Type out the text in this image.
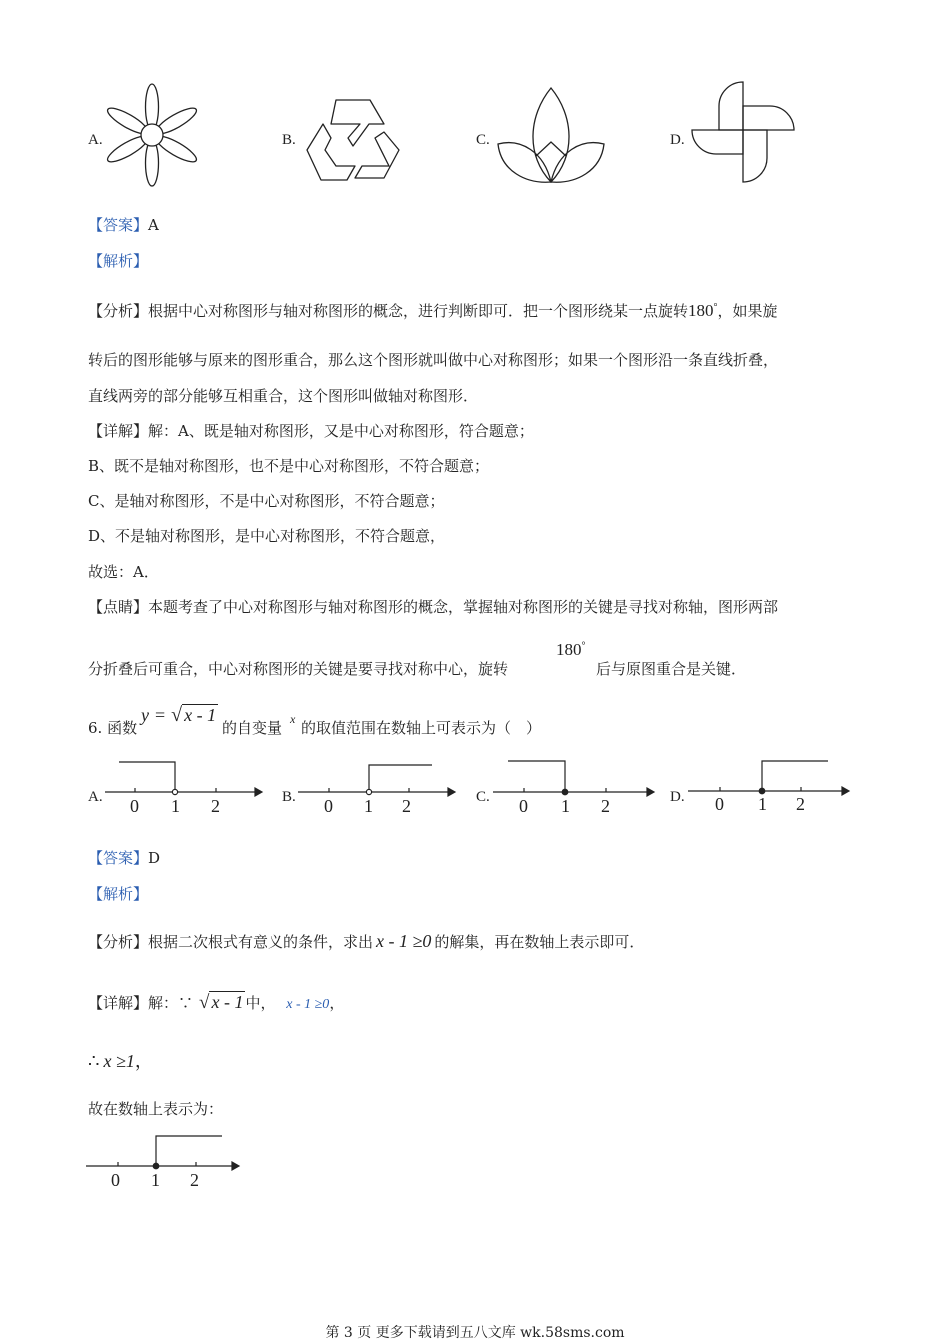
A.	B.	C.	D.
【答案】A
【解析】
【分析】根据中心对称图形与轴对称图形的概念，进行判断即可．把一个图形绕某一点旋转180°，如果旋
转后的图形能够与原来的图形重合，那么这个图形就叫做中心对称图形；如果一个图形沿一条直线折叠，
直线两旁的部分能够互相重合，这个图形叫做轴对称图形．
【详解】解：A、既是轴对称图形，又是中心对称图形，符合题意；
B、既不是轴对称图形，也不是中心对称图形，不符合题意；
C、是轴对称图形，不是中心对称图形，不符合题意；
D、不是轴对称图形，是中心对称图形，不符合题意，
故选：A．
【点睛】本题考查了中心对称图形与轴对称图形的概念，掌握轴对称图形的关键是寻找对称轴，图形两部
分折叠后可重合，中心对称图形的关键是要寻找对称中心，旋转
180°
后与原图重合是关键．
6. 函数
y = √ x - 1
的自变量 x 的取值范围在数轴上可表示为（　）
A. 0 1 2	B. 0 1 2	C. 0 1 2	D. 0 1 2
【答案】D
【解析】
【分析】根据二次根式有意义的条件，求出 x - 1 ≥0 的解集，再在数轴上表示即可．
【详解】解：∵ √ x - 1 中， x - 1 ≥0，
∴ x ≥1，
故在数轴上表示为：
0 1 2
第 3 页 更多下载请到五八文库 wk.58sms.com
